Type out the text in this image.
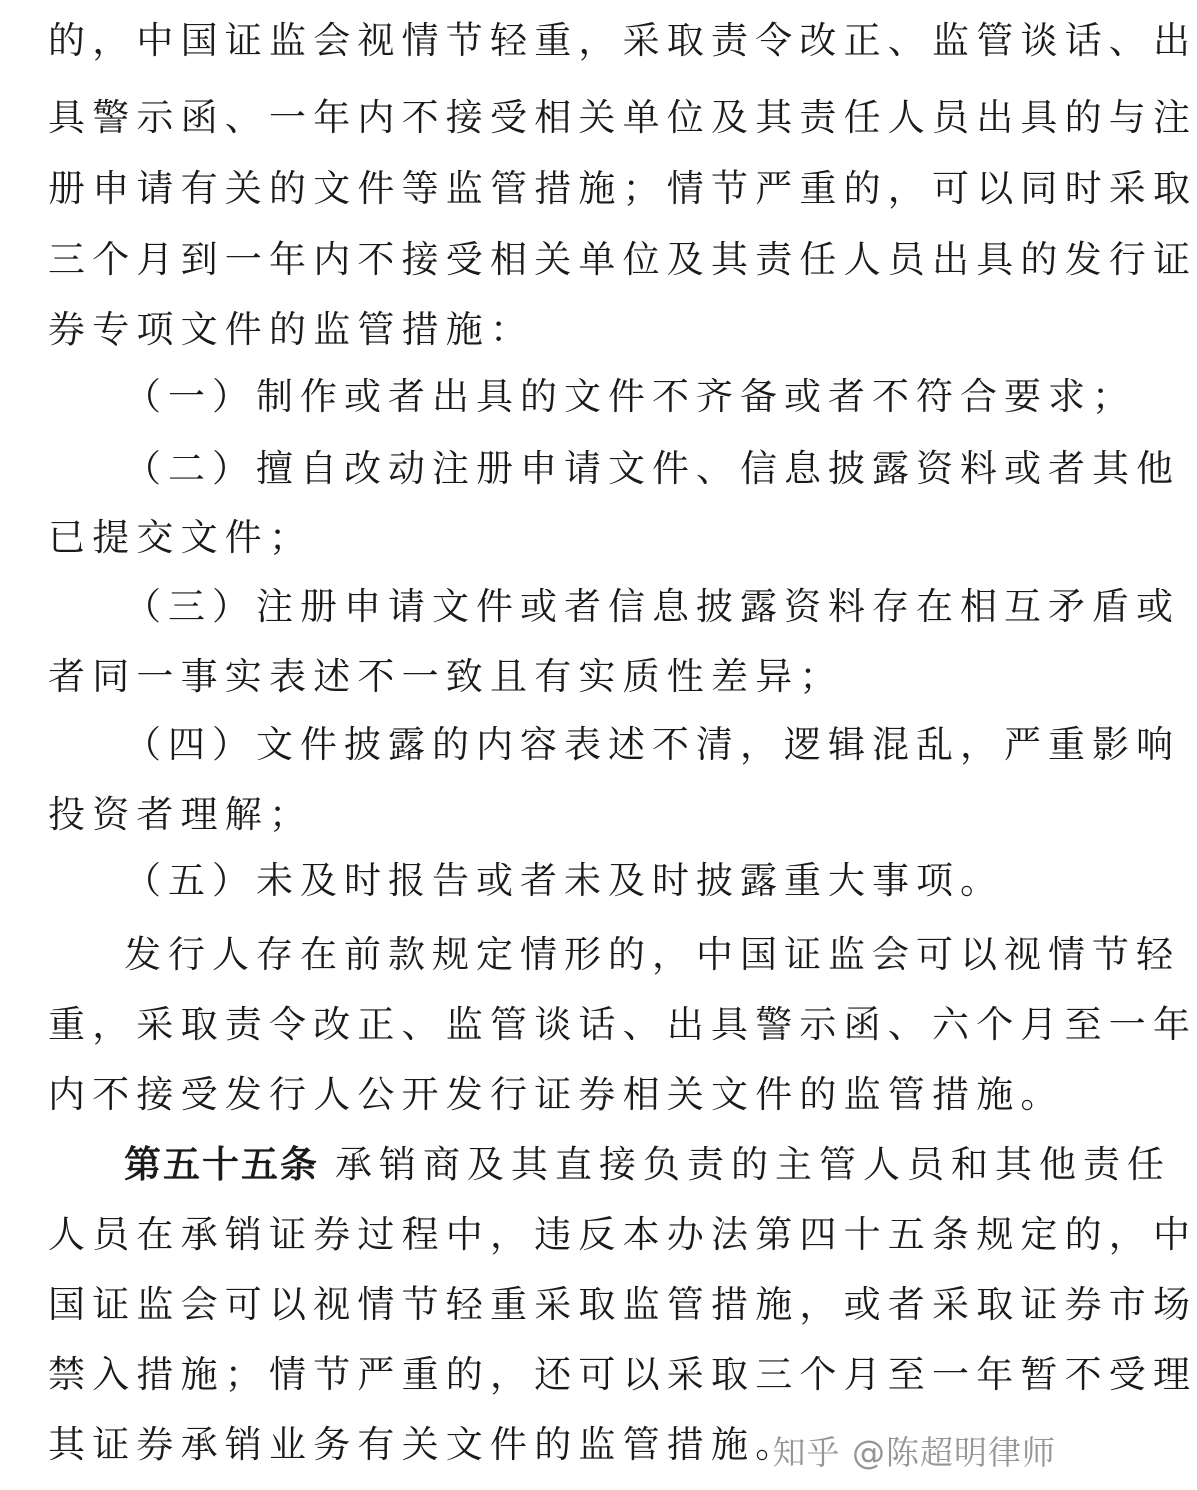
的，中国证监会视情节轻重，采取责令改正、监管谈话、出
具警示函、一年内不接受相关单位及其责任人员出具的与注
册申请有关的文件等监管措施；情节严重的，可以同时采取
三个月到一年内不接受相关单位及其责任人员出具的发行证
券专项文件的监管措施：
（一）制作或者出具的文件不齐备或者不符合要求；
（二）擅自改动注册申请文件、信息披露资料或者其他
已提交文件；
（三）注册申请文件或者信息披露资料存在相互矛盾或
者同一事实表述不一致且有实质性差异；
（四）文件披露的内容表述不清，逻辑混乱，严重影响
投资者理解；
（五）未及时报告或者未及时披露重大事项。
发行人存在前款规定情形的，中国证监会可以视情节轻
重，采取责令改正、监管谈话、出具警示函、六个月至一年
内不接受发行人公开发行证券相关文件的监管措施。
第五十五条 承销商及其直接负责的主管人员和其他责任
人员在承销证券过程中，违反本办法第四十五条规定的，中
国证监会可以视情节轻重采取监管措施，或者采取证券市场
禁入措施；情节严重的，还可以采取三个月至一年暂不受理
其证券承销业务有关文件的监管措施。
知乎 @陈超明律师
